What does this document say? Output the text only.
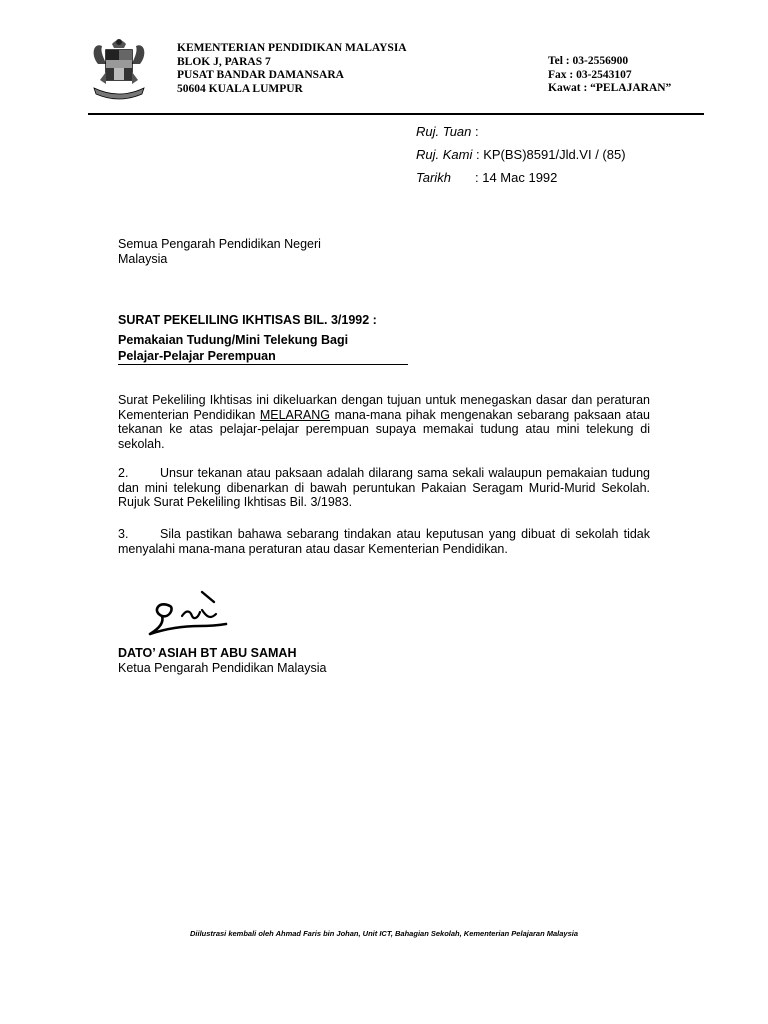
KEMENTERIAN PENDIDIKAN MALAYSIA
BLOK J, PARAS 7
PUSAT BANDAR DAMANSARA
50604 KUALA LUMPUR
Tel : 03-2556900
Fax : 03-2543107
Kawat : “PELAJARAN”
Ruj. Tuan :
Ruj. Kami : KP(BS)8591/Jld.VI / (85)
Tarikh : 14 Mac 1992
Semua Pengarah Pendidikan Negeri
Malaysia
SURAT PEKELILING IKHTISAS BIL. 3/1992 :
Pemakaian Tudung/Mini Telekung Bagi
Pelajar-Pelajar Perempuan
Surat Pekeliling Ikhtisas ini dikeluarkan dengan tujuan untuk menegaskan dasar dan peraturan Kementerian Pendidikan MELARANG mana-mana pihak mengenakan sebarang paksaan atau tekanan ke atas pelajar-pelajar perempuan supaya memakai tudung atau mini telekung di sekolah.
2.	Unsur tekanan atau paksaan adalah dilarang sama sekali walaupun pemakaian tudung dan mini telekung dibenarkan di bawah peruntukan Pakaian Seragam Murid-Murid Sekolah. Rujuk Surat Pekeliling Ikhtisas Bil. 3/1983.
3.	Sila pastikan bahawa sebarang tindakan atau keputusan yang dibuat di sekolah tidak menyalahi mana-mana peraturan atau dasar Kementerian Pendidikan.
DATO’ ASIAH BT ABU SAMAH
Ketua Pengarah Pendidikan Malaysia
Diilustrasi kembali oleh Ahmad Faris bin Johan, Unit ICT, Bahagian Sekolah, Kementerian Pelajaran Malaysia
